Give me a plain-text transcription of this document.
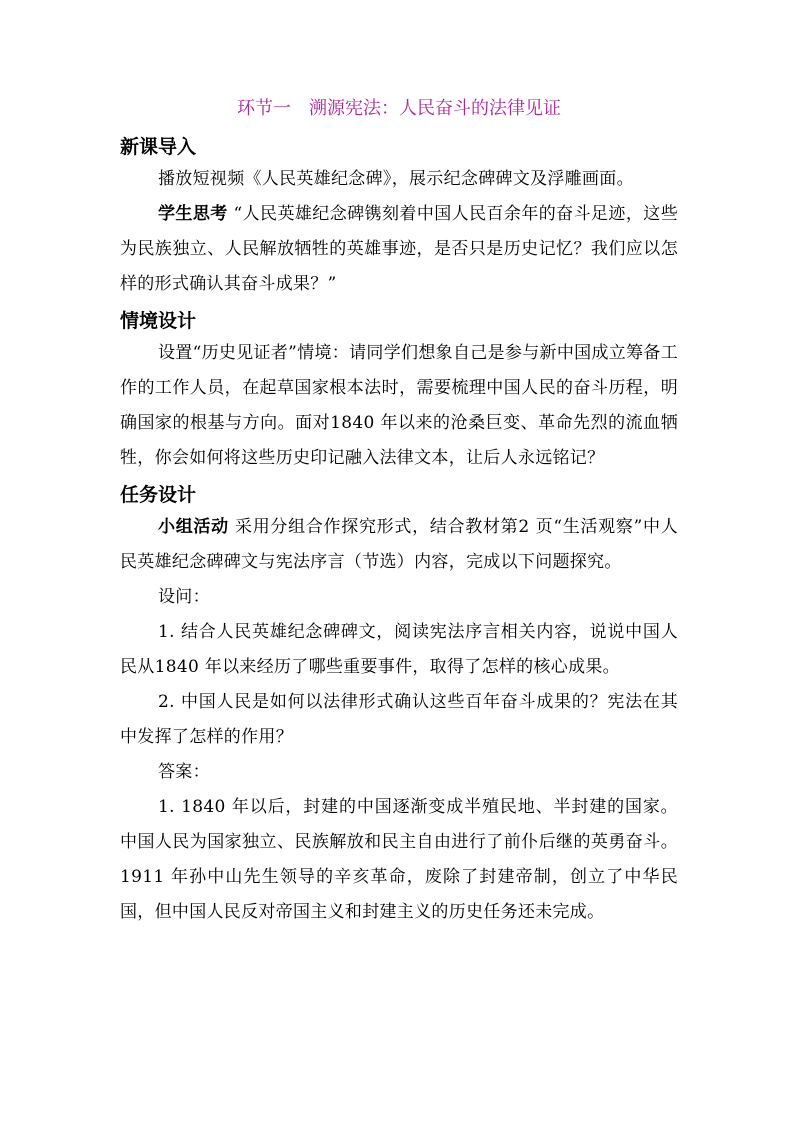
环节一　溯源宪法：人民奋斗的法律见证
新课导入

播放短视频《人民英雄纪念碑》，展示纪念碑碑文及浮雕画面。

学生思考 “人民英雄纪念碑镌刻着中国人民百余年的奋斗足迹，这些为民族独立、人民解放牺牲的英雄事迹，是否只是历史记忆？我们应以怎样的形式确认其奋斗成果？”

情境设计

设置“历史见证者”情境：请同学们想象自己是参与新中国成立筹备工作的工作人员，在起草国家根本法时，需要梳理中国人民的奋斗历程，明确国家的根基与方向。面对1840 年以来的沧桑巨变、革命先烈的流血牺牲，你会如何将这些历史印记融入法律文本，让后人永远铭记？

任务设计

小组活动 采用分组合作探究形式，结合教材第2 页“生活观察”中人民英雄纪念碑碑文与宪法序言（节选）内容，完成以下问题探究。

设问：

1. 结合人民英雄纪念碑碑文，阅读宪法序言相关内容，说说中国人民从1840 年以来经历了哪些重要事件，取得了怎样的核心成果。

2. 中国人民是如何以法律形式确认这些百年奋斗成果的？宪法在其中发挥了怎样的作用？

答案：

1. 1840 年以后，封建的中国逐渐变成半殖民地、半封建的国家。中国人民为国家独立、民族解放和民主自由进行了前仆后继的英勇奋斗。1911 年孙中山先生领导的辛亥革命，废除了封建帝制，创立了中华民国，但中国人民反对帝国主义和封建主义的历史任务还未完成。
